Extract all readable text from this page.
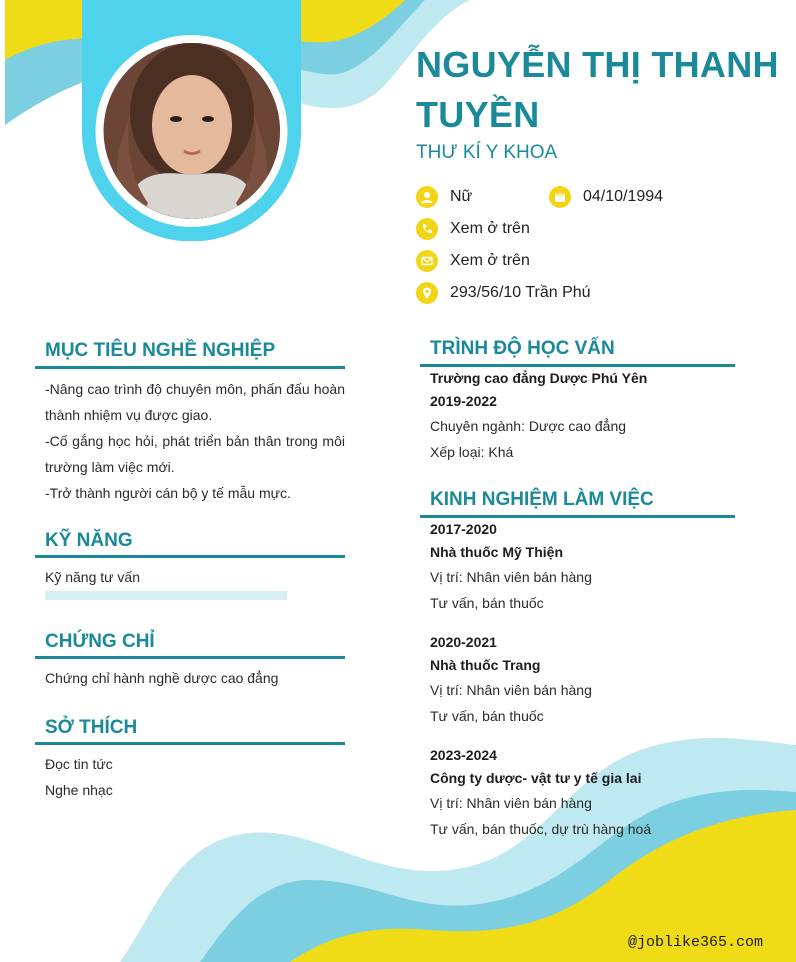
NGUYỄN THỊ THANH TUYỀN
THƯ KÍ Y KHOA
Nữ	04/10/1994
Xem ở trên
Xem ở trên
293/56/10 Trần Phú
MỤC TIÊU NGHỀ NGHIỆP
-Nâng cao trình độ chuyên môn, phấn đấu hoàn thành nhiệm vụ được giao.
-Cố gắng học hỏi, phát triển bản thân trong môi trường làm việc mới.
-Trở thành người cán bộ y tế mẫu mực.
KỸ NĂNG
Kỹ năng tư vấn
CHỨNG CHỈ
Chứng chỉ hành nghề dược cao đẳng
SỞ THÍCH
Đọc tin tức
Nghe nhạc
TRÌNH ĐỘ HỌC VẤN
Trường cao đẳng Dược Phú Yên
2019-2022
Chuyên ngành: Dược cao đẳng
Xếp loại: Khá
KINH NGHIỆM LÀM VIỆC
2017-2020
Nhà thuốc Mỹ Thiện
Vị trí: Nhân viên bán hàng
Tư vấn, bán thuốc
2020-2021
Nhà thuốc Trang
Vị trí: Nhân viên bán hàng
Tư vấn, bán thuốc
2023-2024
Công ty dược- vật tư y tế gia lai
Vị trí: Nhân viên bán hàng
Tư vấn, bán thuốc, dự trù hàng hoá
@joblike365.com
